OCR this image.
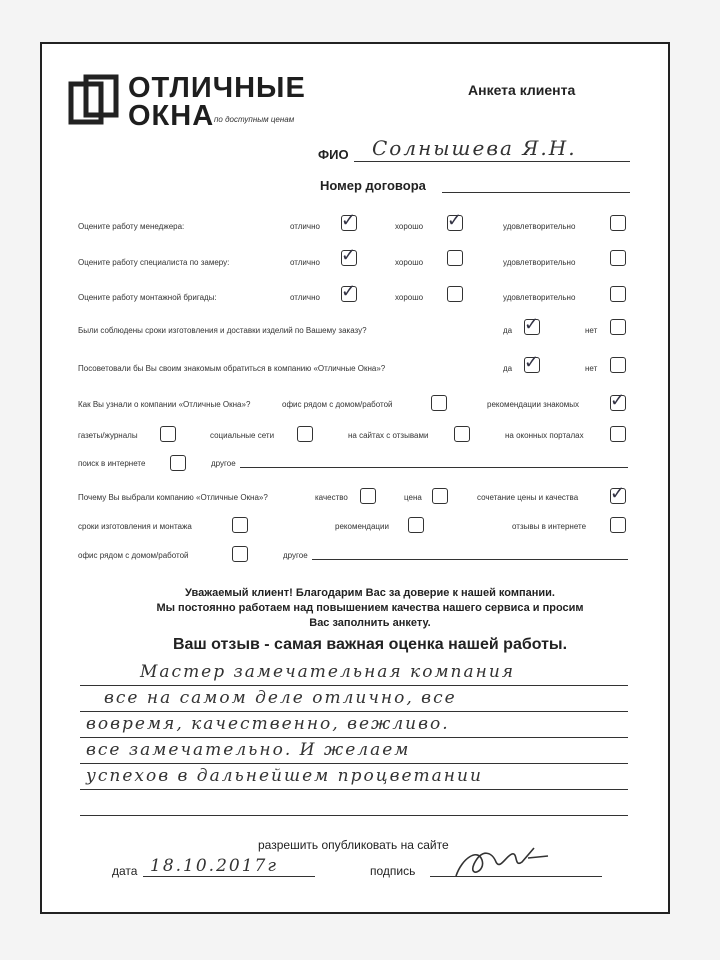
ОТЛИЧНЫЕ
ОКНА по доступным ценам
Анкета клиента
ФИО Солнышева Я.Н.
Номер договора
Оцените работу менеджера:	отлично ✓	хорошо ✓	удовлетворительно
Оцените работу специалиста по замеру:	отлично ✓	хорошо	удовлетворительно
Оцените работу монтажной бригады:	отлично ✓	хорошо	удовлетворительно
Были соблюдены сроки изготовления и доставки изделий по Вашему заказу?	да ✓	нет
Посоветовали бы Вы своим знакомым обратиться в компанию «Отличные Окна»?	да ✓	нет
Как Вы узнали о компании «Отличные Окна»?	офис рядом с домом/работой	рекомендации знакомых ✓
газеты/журналы	социальные сети	на сайтах с отзывами	на оконных порталах
поиск в интернете	другое
Почему Вы выбрали компанию «Отличные Окна»?	качество	цена	сочетание цены и качества ✓
сроки изготовления и монтажа	рекомендации	отзывы в интернете
офис рядом с домом/работой	другое
Уважаемый клиент! Благодарим Вас за доверие к нашей компании.
Мы постоянно работаем над повышением качества нашего сервиса и просим
Вас заполнить анкету.
Ваш отзыв - самая важная оценка нашей работы.
Мастер замечательная компания
все на самом деле отлично, все
вовремя, качественно, вежливо.
все замечательно. И желаем
успехов в дальнейшем процветании
разрешить опубликовать на сайте
дата 18.10.2017г	подпись
